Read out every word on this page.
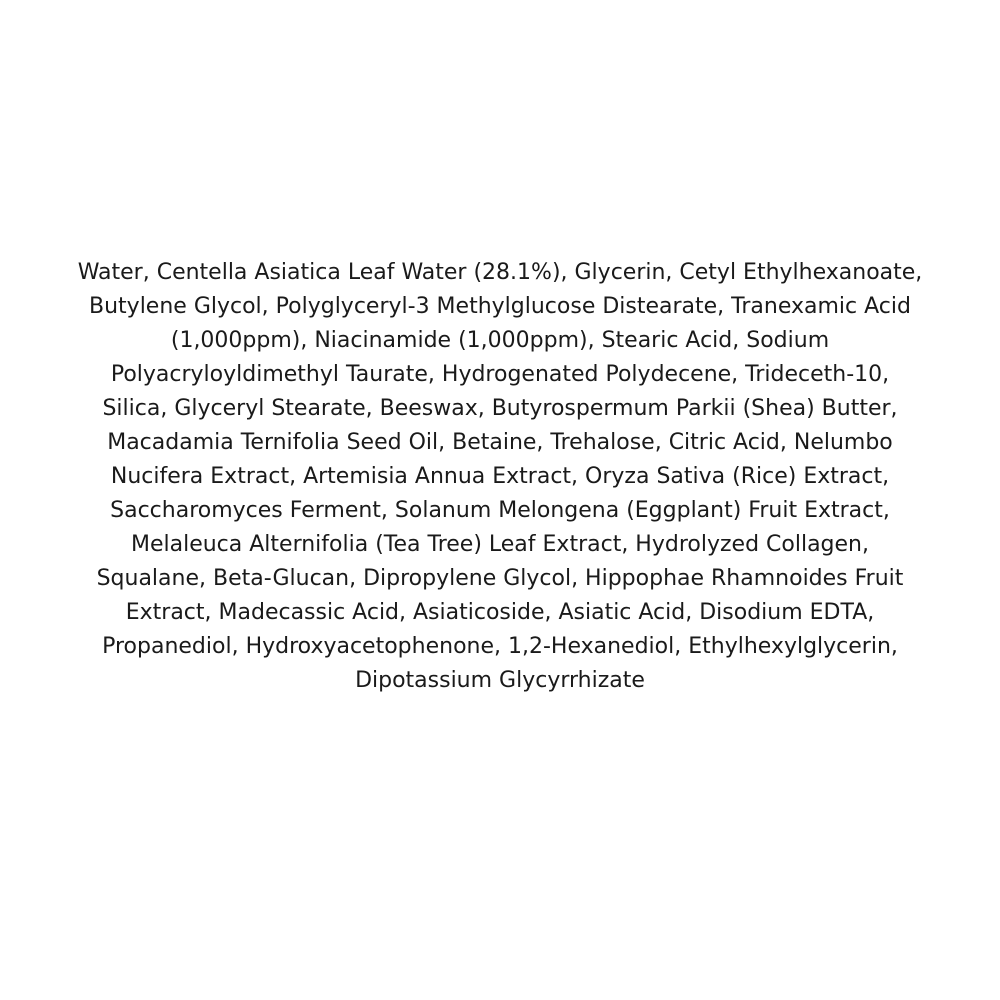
Water, Centella Asiatica Leaf Water (28.1%), Glycerin, Cetyl Ethylhexanoate,
Butylene Glycol, Polyglyceryl-3 Methylglucose Distearate, Tranexamic Acid
(1,000ppm), Niacinamide (1,000ppm), Stearic Acid, Sodium
Polyacryloyldimethyl Taurate, Hydrogenated Polydecene, Trideceth-10,
Silica, Glyceryl Stearate, Beeswax, Butyrospermum Parkii (Shea) Butter,
Macadamia Ternifolia Seed Oil, Betaine, Trehalose, Citric Acid, Nelumbo
Nucifera Extract, Artemisia Annua Extract, Oryza Sativa (Rice) Extract,
Saccharomyces Ferment, Solanum Melongena (Eggplant) Fruit Extract,
Melaleuca Alternifolia (Tea Tree) Leaf Extract, Hydrolyzed Collagen,
Squalane, Beta-Glucan, Dipropylene Glycol, Hippophae Rhamnoides Fruit
Extract, Madecassic Acid, Asiaticoside, Asiatic Acid, Disodium EDTA,
Propanediol, Hydroxyacetophenone, 1,2-Hexanediol, Ethylhexylglycerin,
Dipotassium Glycyrrhizate
